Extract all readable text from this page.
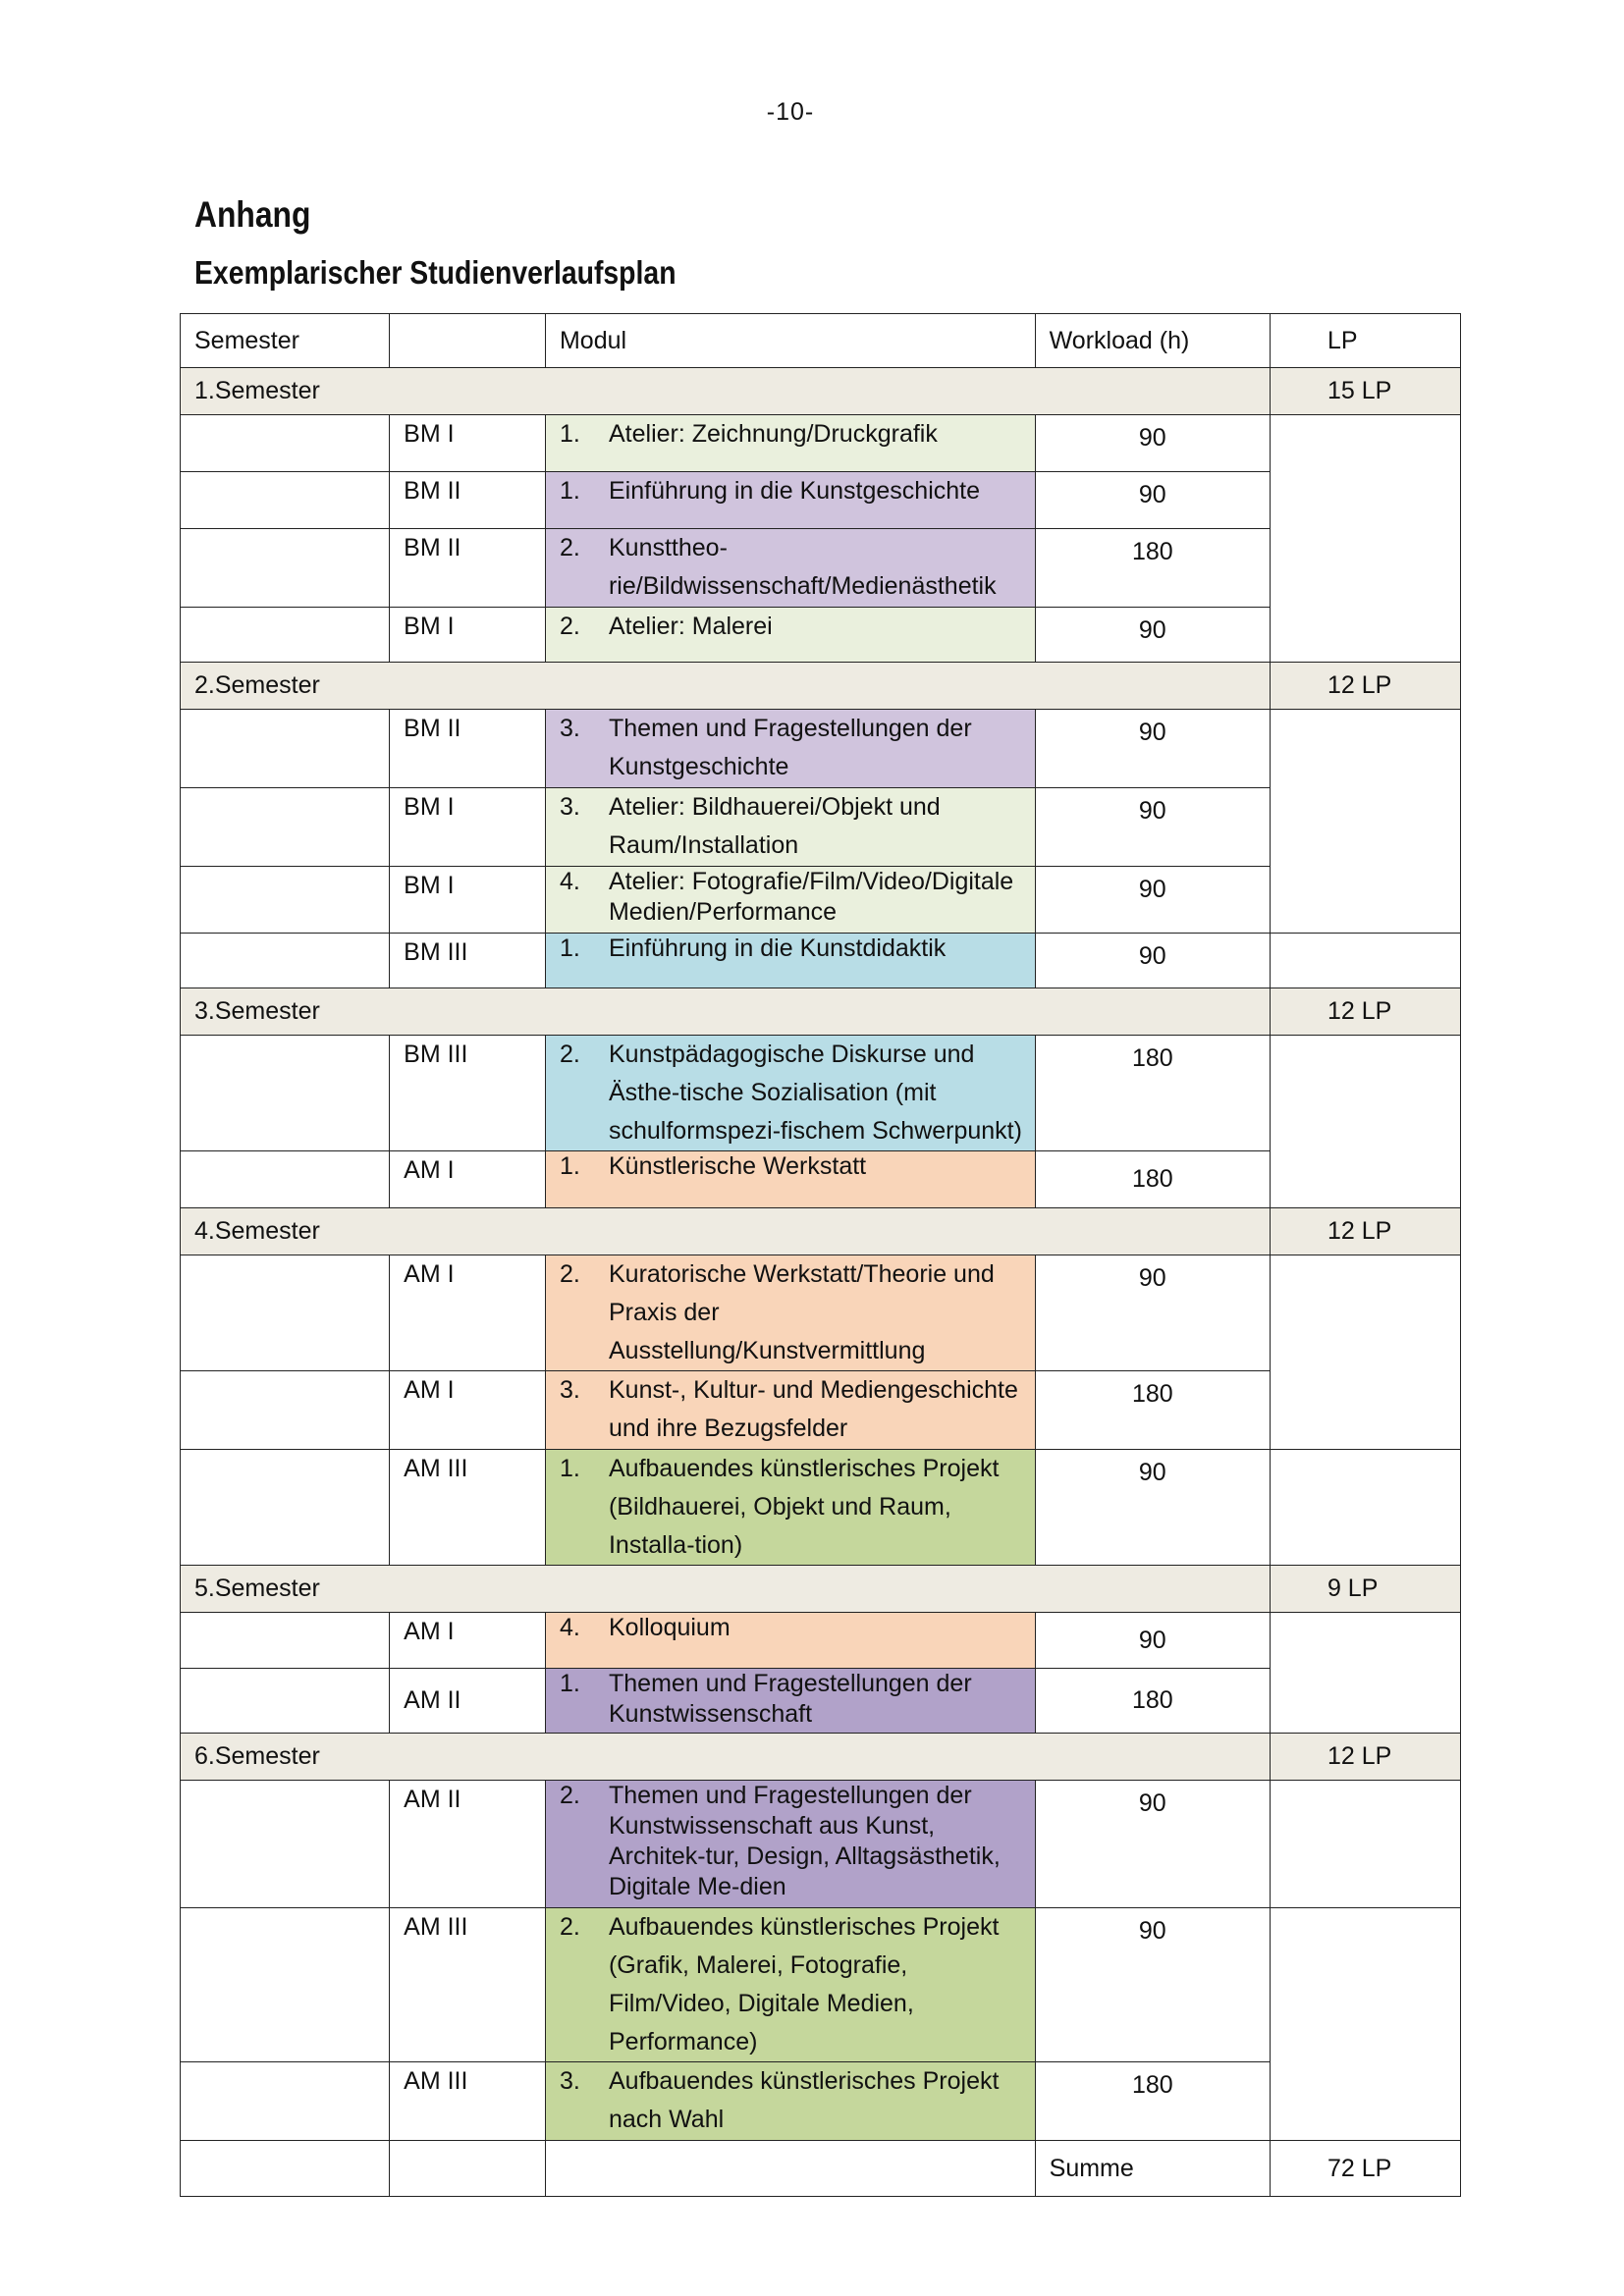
-10-
Anhang
Exemplarischer Studienverlaufsplan
Semester		Modul	Workload (h)	LP
1.Semester				15 LP
	BM I	1. Atelier: Zeichnung/Druckgrafik	90	
	BM II	1. Einführung in die Kunstgeschichte	90	
	BM II	2. Kunsttheo-rie/Bildwissenschaft/Medienästhetik	180	
	BM I	2. Atelier: Malerei	90	
2.Semester				12 LP
	BM II	3. Themen und Fragestellungen der Kunstgeschichte	90	
	BM I	3. Atelier: Bildhauerei/Objekt und Raum/Installation	90	
	BM I	4. Atelier: Fotografie/Film/Video/Digitale Medien/Performance	90	
	BM III	1. Einführung in die Kunstdidaktik	90	
3.Semester				12 LP
	BM III	2. Kunstpädagogische Diskurse und Ästhe-tische Sozialisation (mit schulformspezi-fischem Schwerpunkt)	180	
	AM I	1. Künstlerische Werkstatt	180	
4.Semester				12 LP
	AM I	2. Kuratorische Werkstatt/Theorie und Praxis der Ausstellung/Kunstvermittlung	90	
	AM I	3. Kunst-, Kultur- und Mediengeschichte und ihre Bezugsfelder	180	
	AM III	1. Aufbauendes künstlerisches Projekt (Bildhauerei, Objekt und Raum, Installa-tion)	90	
5.Semester				9 LP
	AM I	4. Kolloquium	90	
	AM II	1. Themen und Fragestellungen der Kunstwissenschaft	180	
6.Semester				12 LP
	AM II	2. Themen und Fragestellungen der Kunstwissenschaft aus Kunst, Architek-tur, Design, Alltagsästhetik, Digitale Me-dien	90	
	AM III	2. Aufbauendes künstlerisches Projekt (Grafik, Malerei, Fotografie, Film/Video, Digitale Medien, Performance)	90	
	AM III	3. Aufbauendes künstlerisches Projekt nach Wahl	180	
			Summe	72 LP
